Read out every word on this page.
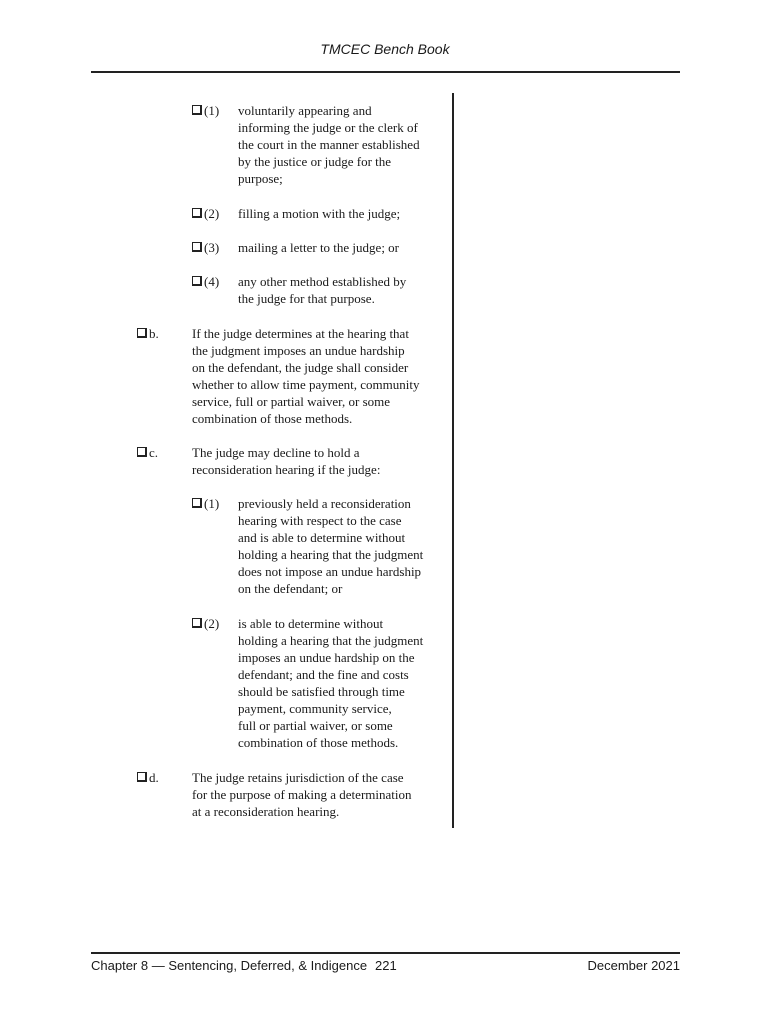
TMCEC Bench Book
(1) voluntarily appearing and
informing the judge or the clerk of
the court in the manner established
by the justice or judge for the
purpose;
(2) filling a motion with the judge;
(3) mailing a letter to the judge; or
(4) any other method established by
the judge for that purpose.
b.	If the judge determines at the hearing that
the judgment imposes an undue hardship
on the defendant, the judge shall consider
whether to allow time payment, community
service, full or partial waiver, or some
combination of those methods.
c.	The judge may decline to hold a
reconsideration hearing if the judge:
(1) previously held a reconsideration
hearing with respect to the case
and is able to determine without
holding a hearing that the judgment
does not impose an undue hardship
on the defendant; or
(2) is able to determine without
holding a hearing that the judgment
imposes an undue hardship on the
defendant; and the fine and costs
should be satisfied through time
payment, community service,
full or partial waiver, or some
combination of those methods.
d.	The judge retains jurisdiction of the case
for the purpose of making a determination
at a reconsideration hearing.
Chapter 8 — Sentencing, Deferred, & Indigence 221	December 2021
